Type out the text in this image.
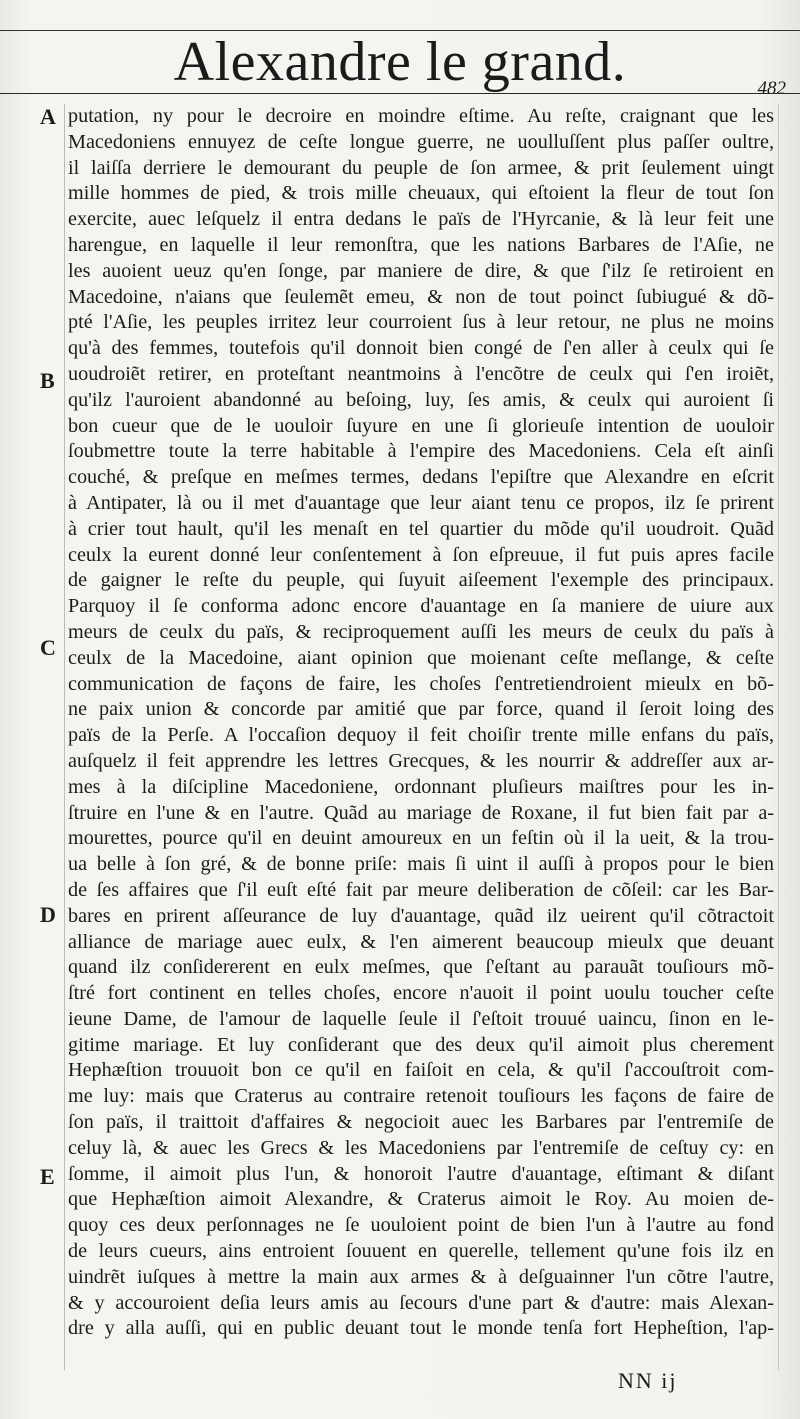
Alexandre le grand.	482
A
B
C
D
E
putation, ny pour le decroire en moindre eſtime. Au reſte, craignant que les
Macedoniens ennuyez de ceſte longue guerre, ne uoulluſſent plus paſſer oultre,
il laiſſa derriere le demourant du peuple de ſon armee, & prit ſeulement uingt
mille hommes de pied, & trois mille cheuaux, qui eſtoient la fleur de tout ſon
exercite, auec leſquelz il entra dedans le païs de l'Hyrcanie, & là leur feit une
harengue, en laquelle il leur remonſtra, que les nations Barbares de l'Aſie, ne
les auoient ueuz qu'en ſonge, par maniere de dire, & que ſ'ilz ſe retiroient en
Macedoine, n'aians que ſeulemẽt emeu, & non de tout poinct ſubiugué & dõ-
pté l'Aſie, les peuples irritez leur courroient ſus à leur retour, ne plus ne moins
qu'à des femmes, toutefois qu'il donnoit bien congé de ſ'en aller à ceulx qui ſe
uoudroiẽt retirer, en proteſtant neantmoins à l'encõtre de ceulx qui ſ'en iroiẽt,
qu'ilz l'auroient abandonné au beſoing, luy, ſes amis, & ceulx qui auroient ſi
bon cueur que de le uouloir ſuyure en une ſi glorieuſe intention de uouloir
ſoubmettre toute la terre habitable à l'empire des Macedoniens. Cela eſt ainſi
couché, & preſque en meſmes termes, dedans l'epiſtre que Alexandre en eſcrit
à Antipater, là ou il met d'auantage que leur aiant tenu ce propos, ilz ſe prirent
à crier tout hault, qu'il les menaſt en tel quartier du mõde qu'il uoudroit. Quãd
ceulx la eurent donné leur conſentement à ſon eſpreuue, il fut puis apres facile
de gaigner le reſte du peuple, qui ſuyuit aiſeement l'exemple des principaux.
Parquoy il ſe conforma adonc encore d'auantage en ſa maniere de uiure aux
meurs de ceulx du païs, & reciproquement auſſi les meurs de ceulx du païs à
ceulx de la Macedoine, aiant opinion que moienant ceſte meſlange, & ceſte
communication de façons de faire, les choſes ſ'entretiendroient mieulx en bõ-
ne paix union & concorde par amitié que par force, quand il ſeroit loing des
païs de la Perſe. A l'occaſion dequoy il feit choiſir trente mille enfans du païs,
auſquelz il feit apprendre les lettres Grecques, & les nourrir & addreſſer aux ar-
mes à la diſcipline Macedoniene, ordonnant pluſieurs maiſtres pour les in-
ſtruire en l'une & en l'autre. Quãd au mariage de Roxane, il fut bien fait par a-
mourettes, pource qu'il en deuint amoureux en un feſtin où il la ueit, & la trou-
ua belle à ſon gré, & de bonne priſe: mais ſi uint il auſſi à propos pour le bien
de ſes affaires que ſ'il euſt eſté fait par meure deliberation de cõſeil: car les Bar-
bares en prirent aſſeurance de luy d'auantage, quãd ilz ueirent qu'il cõtractoit
alliance de mariage auec eulx, & l'en aimerent beaucoup mieulx que deuant
quand ilz conſidererent en eulx meſmes, que ſ'eſtant au parauãt touſiours mõ-
ſtré fort continent en telles choſes, encore n'auoit il point uoulu toucher ceſte
ieune Dame, de l'amour de laquelle ſeule il ſ'eſtoit trouué uaincu, ſinon en le-
gitime mariage. Et luy conſiderant que des deux qu'il aimoit plus cherement
Hephæſtion trouuoit bon ce qu'il en faiſoit en cela, & qu'il ſ'accouſtroit com-
me luy: mais que Craterus au contraire retenoit touſiours les façons de faire de
ſon païs, il traittoit d'affaires & negocioit auec les Barbares par l'entremiſe de
celuy là, & auec les Grecs & les Macedoniens par l'entremiſe de ceſtuy cy: en
ſomme, il aimoit plus l'un, & honoroit l'autre d'auantage, eſtimant & diſant
que Hephæſtion aimoit Alexandre, & Craterus aimoit le Roy. Au moien de-
quoy ces deux perſonnages ne ſe uouloient point de bien l'un à l'autre au fond
de leurs cueurs, ains entroient ſouuent en querelle, tellement qu'une fois ilz en
uindrẽt iuſques à mettre la main aux armes & à deſguainner l'un cõtre l'autre,
& y accouroient deſia leurs amis au ſecours d'une part & d'autre: mais Alexan-
dre y alla auſſi, qui en public deuant tout le monde tenſa fort Hepheſtion, l'ap-
NN ij
